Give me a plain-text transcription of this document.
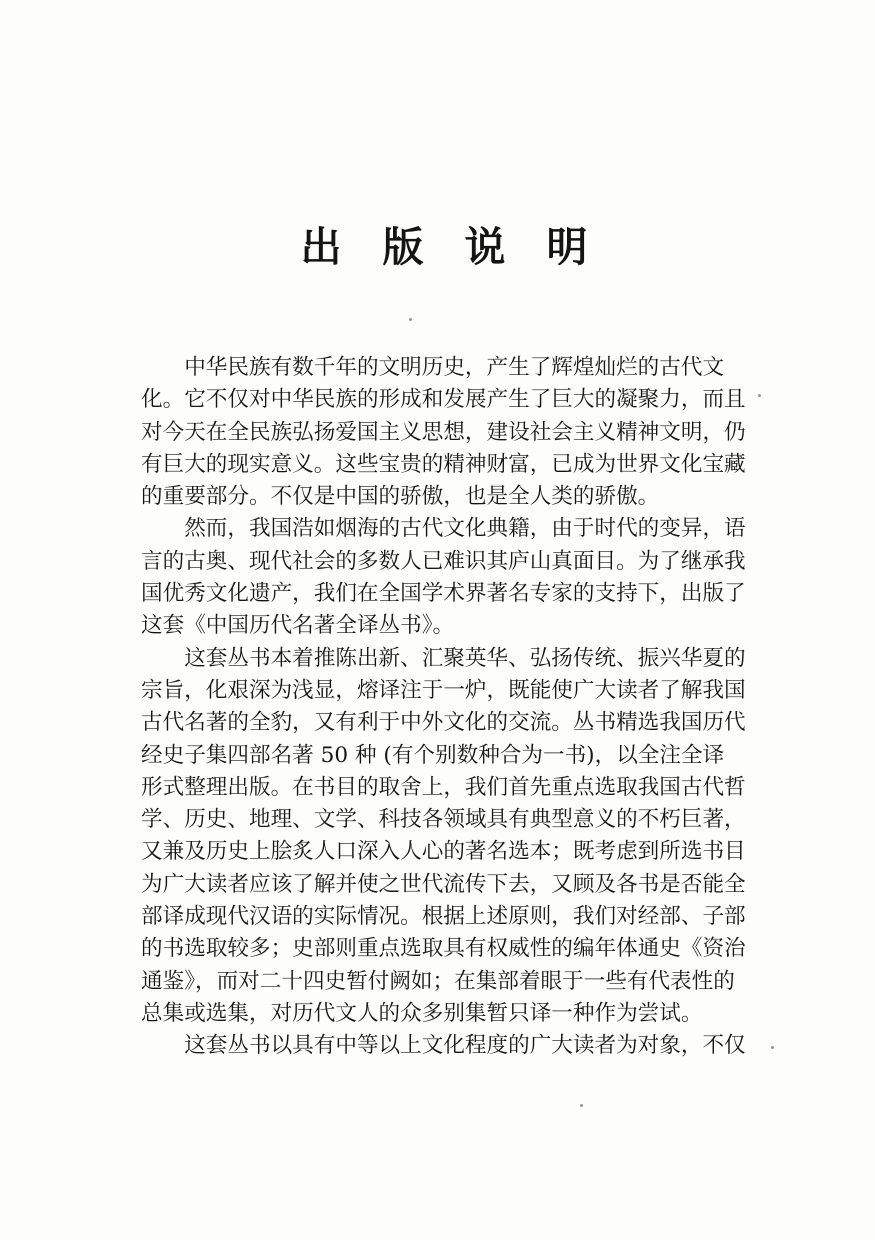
出　版　说　明
中华民族有数千年的文明历史，产生了辉煌灿烂的古代文
化。它不仅对中华民族的形成和发展产生了巨大的凝聚力，而且
对今天在全民族弘扬爱国主义思想，建设社会主义精神文明，仍
有巨大的现实意义。这些宝贵的精神财富，已成为世界文化宝藏
的重要部分。不仅是中国的骄傲，也是全人类的骄傲。
然而，我国浩如烟海的古代文化典籍，由于时代的变异，语
言的古奥、现代社会的多数人已难识其庐山真面目。为了继承我
国优秀文化遗产，我们在全国学术界著名专家的支持下，出版了
这套《中国历代名著全译丛书》。
这套丛书本着推陈出新、汇聚英华、弘扬传统、振兴华夏的
宗旨，化艰深为浅显，熔译注于一炉，既能使广大读者了解我国
古代名著的全豹，又有利于中外文化的交流。丛书精选我国历代
经史子集四部名著 50 种 (有个别数种合为一书)，以全注全译
形式整理出版。在书目的取舍上，我们首先重点选取我国古代哲
学、历史、地理、文学、科技各领域具有典型意义的不朽巨著，
又兼及历史上脍炙人口深入人心的著名选本；既考虑到所选书目
为广大读者应该了解并使之世代流传下去，又顾及各书是否能全
部译成现代汉语的实际情况。根据上述原则，我们对经部、子部
的书选取较多；史部则重点选取具有权威性的编年体通史《资治
通鉴》，而对二十四史暂付阙如；在集部着眼于一些有代表性的
总集或选集，对历代文人的众多别集暂只译一种作为尝试。
这套丛书以具有中等以上文化程度的广大读者为对象，不仅
